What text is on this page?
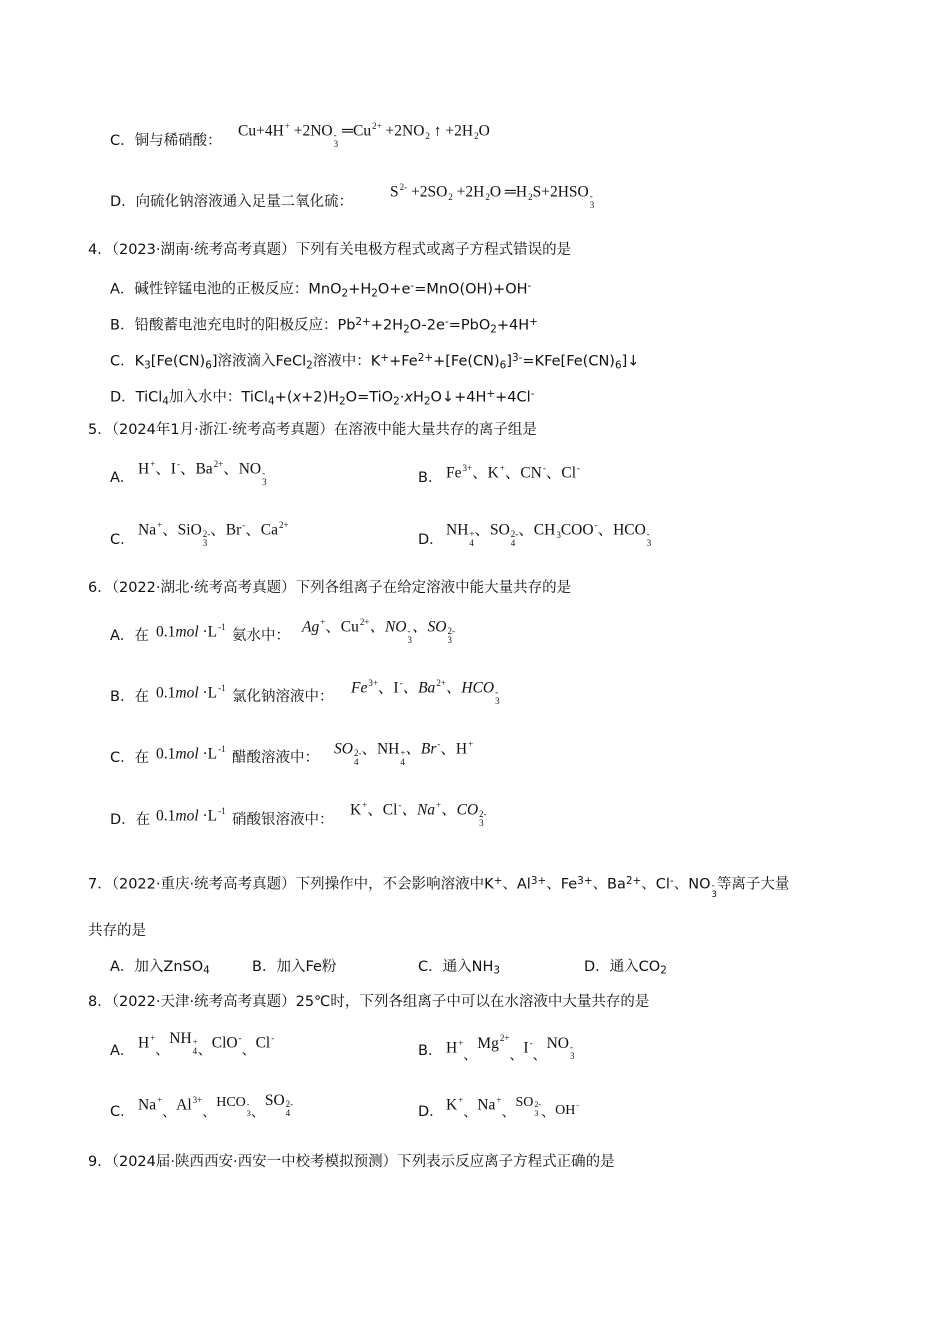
C．铜与稀硝酸：
Cu+4H+ +2NO -
3
$═Cu^{2+} +2NO_2$ ↑ $+2H_2O$
D．向硫化钠溶液通入足量二氧化硫：
$S^{2-} +2SO_2 +2H_2O$ $═H_2S+2HSO$ -
3
4．（2023·湖南·统考高考真题）下列有关电极方程式或离子方程式错误的是
A．碱性锌锰电池的正极反应：MnO2+H2O+e-=MnO(OH)+OH-
B．铅酸蓄电池充电时的阳极反应：$Pb^{2+}+2H2O-2e^-=PbO2+4H^+$
C．K3[Fe(CN)6]溶液滴入FeCl2溶液中：$K^++Fe^{2+}+[Fe(CN)6]^{3-}=KFe[Fe(CN)6]↓$
D．TiCl4加入水中：TiCl4+(x+2)H2O=TiO2·xH2O↓+4H++4Cl-
5．（2024年1月·浙江·统考高考真题）在溶液中能大量共存的离子组是
A．
H+、I-、$Ba^{2+}$、NO -
3	B． $Fe^{3+}$、K+、CN-、Cl-
C．
Na+、SiO 2-
3
、Br-、$Ca^{2+}$
D．
NH +
4
、SO 2-
4
、$CH_3COO^-$、HCO -
3
6．（2022·湖北·统考高考真题）下列各组离子在给定溶液中能大量共存的是
A．在 $0.1mol \cdot L^{-1}$
氨水中：
Ag+、$Cu^{2+}$、NO -
3
、SO 2-
3
B．在 $0.1mol \cdot L^{-1}$
氯化钠溶液中：
$Fe^{3+}$、I-、$Ba^{2+}$、HCO -
3
C．在 $0.1mol \cdot L^{-1}$
醋酸溶液中：
SO 2-
4
、NH +
4
、Br-、H+
D．在 $0.1mol \cdot L^{-1}$
硝酸银溶液中：
K+、Cl-、Na+、CO 2-
3
7．（2022·重庆·统考高考真题）下列操作中，不会影响溶液中K+、$Al^{3+}$、$Fe^{3+}$、$Ba^{2+}$、Cl-、NO -
3
等离子大量
共存的是
A．加入ZnSO4	B．加入Fe粉	C．通入NH3	D．通入CO2
8．（2022·天津·统考高考真题）25℃时，下列各组离子中可以在水溶液中大量共存的是
A． H+、NH +
4 、ClO-、Cl-
B． H+、$Mg^{2+}$、I-、NO -
3
C． Na+、$Al^{3+}$、HCO -
3 、SO 2-
4	D． K+、Na+、SO 2-
3 、OH-
9．（2024届·陕西西安·西安一中校考模拟预测）下列表示反应离子方程式正确的是
